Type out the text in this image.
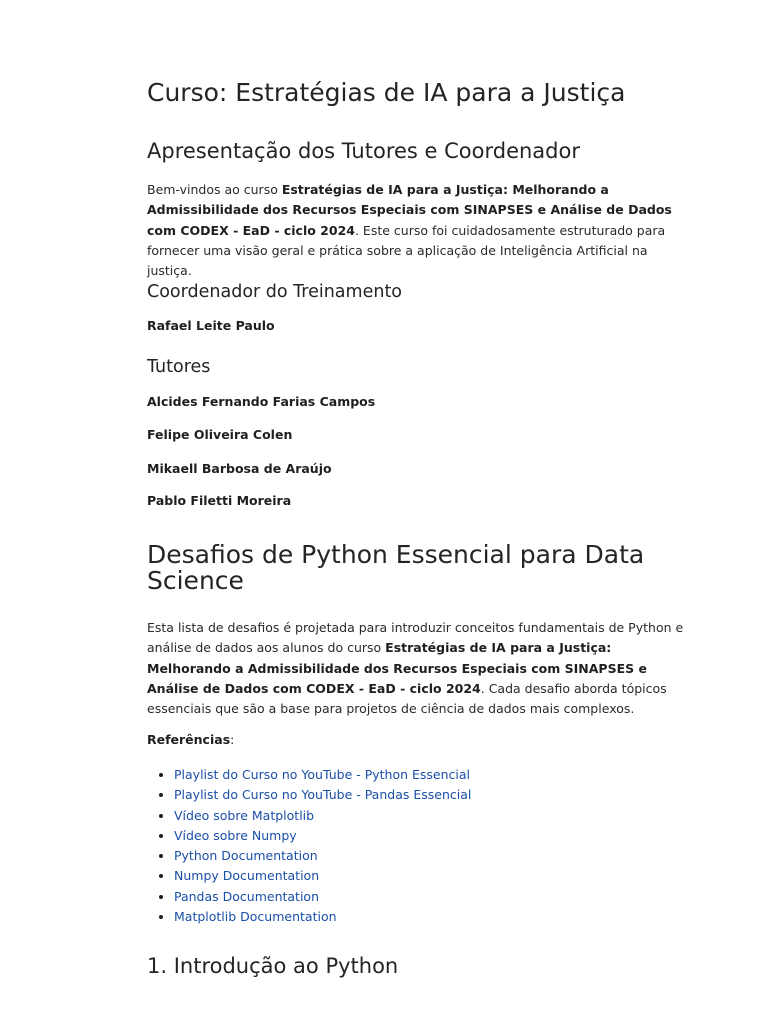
Curso: Estratégias de IA para a Justiça
Apresentação dos Tutores e Coordenador

Bem-vindos ao curso Estratégias de IA para a Justiça: Melhorando a Admissibilidade dos Recursos Especiais com SINAPSES e Análise de Dados com CODEX - EaD - ciclo 2024. Este curso foi cuidadosamente estruturado para fornecer uma visão geral e prática sobre a aplicação de Inteligência Artificial na justiça.

Coordenador do Treinamento

Rafael Leite Paulo

Tutores

Alcides Fernando Farias Campos

Felipe Oliveira Colen

Mikaell Barbosa de Araújo

Pablo Filetti Moreira

Desafios de Python Essencial para Data Science

Esta lista de desafios é projetada para introduzir conceitos fundamentais de Python e análise de dados aos alunos do curso Estratégias de IA para a Justiça: Melhorando a Admissibilidade dos Recursos Especiais com SINAPSES e Análise de Dados com CODEX - EaD - ciclo 2024. Cada desafio aborda tópicos essenciais que são a base para projetos de ciência de dados mais complexos.

Referências:

• Playlist do Curso no YouTube - Python Essencial
• Playlist do Curso no YouTube - Pandas Essencial
• Vídeo sobre Matplotlib
• Vídeo sobre Numpy
• Python Documentation
• Numpy Documentation
• Pandas Documentation
• Matplotlib Documentation
1. Introdução ao Python
